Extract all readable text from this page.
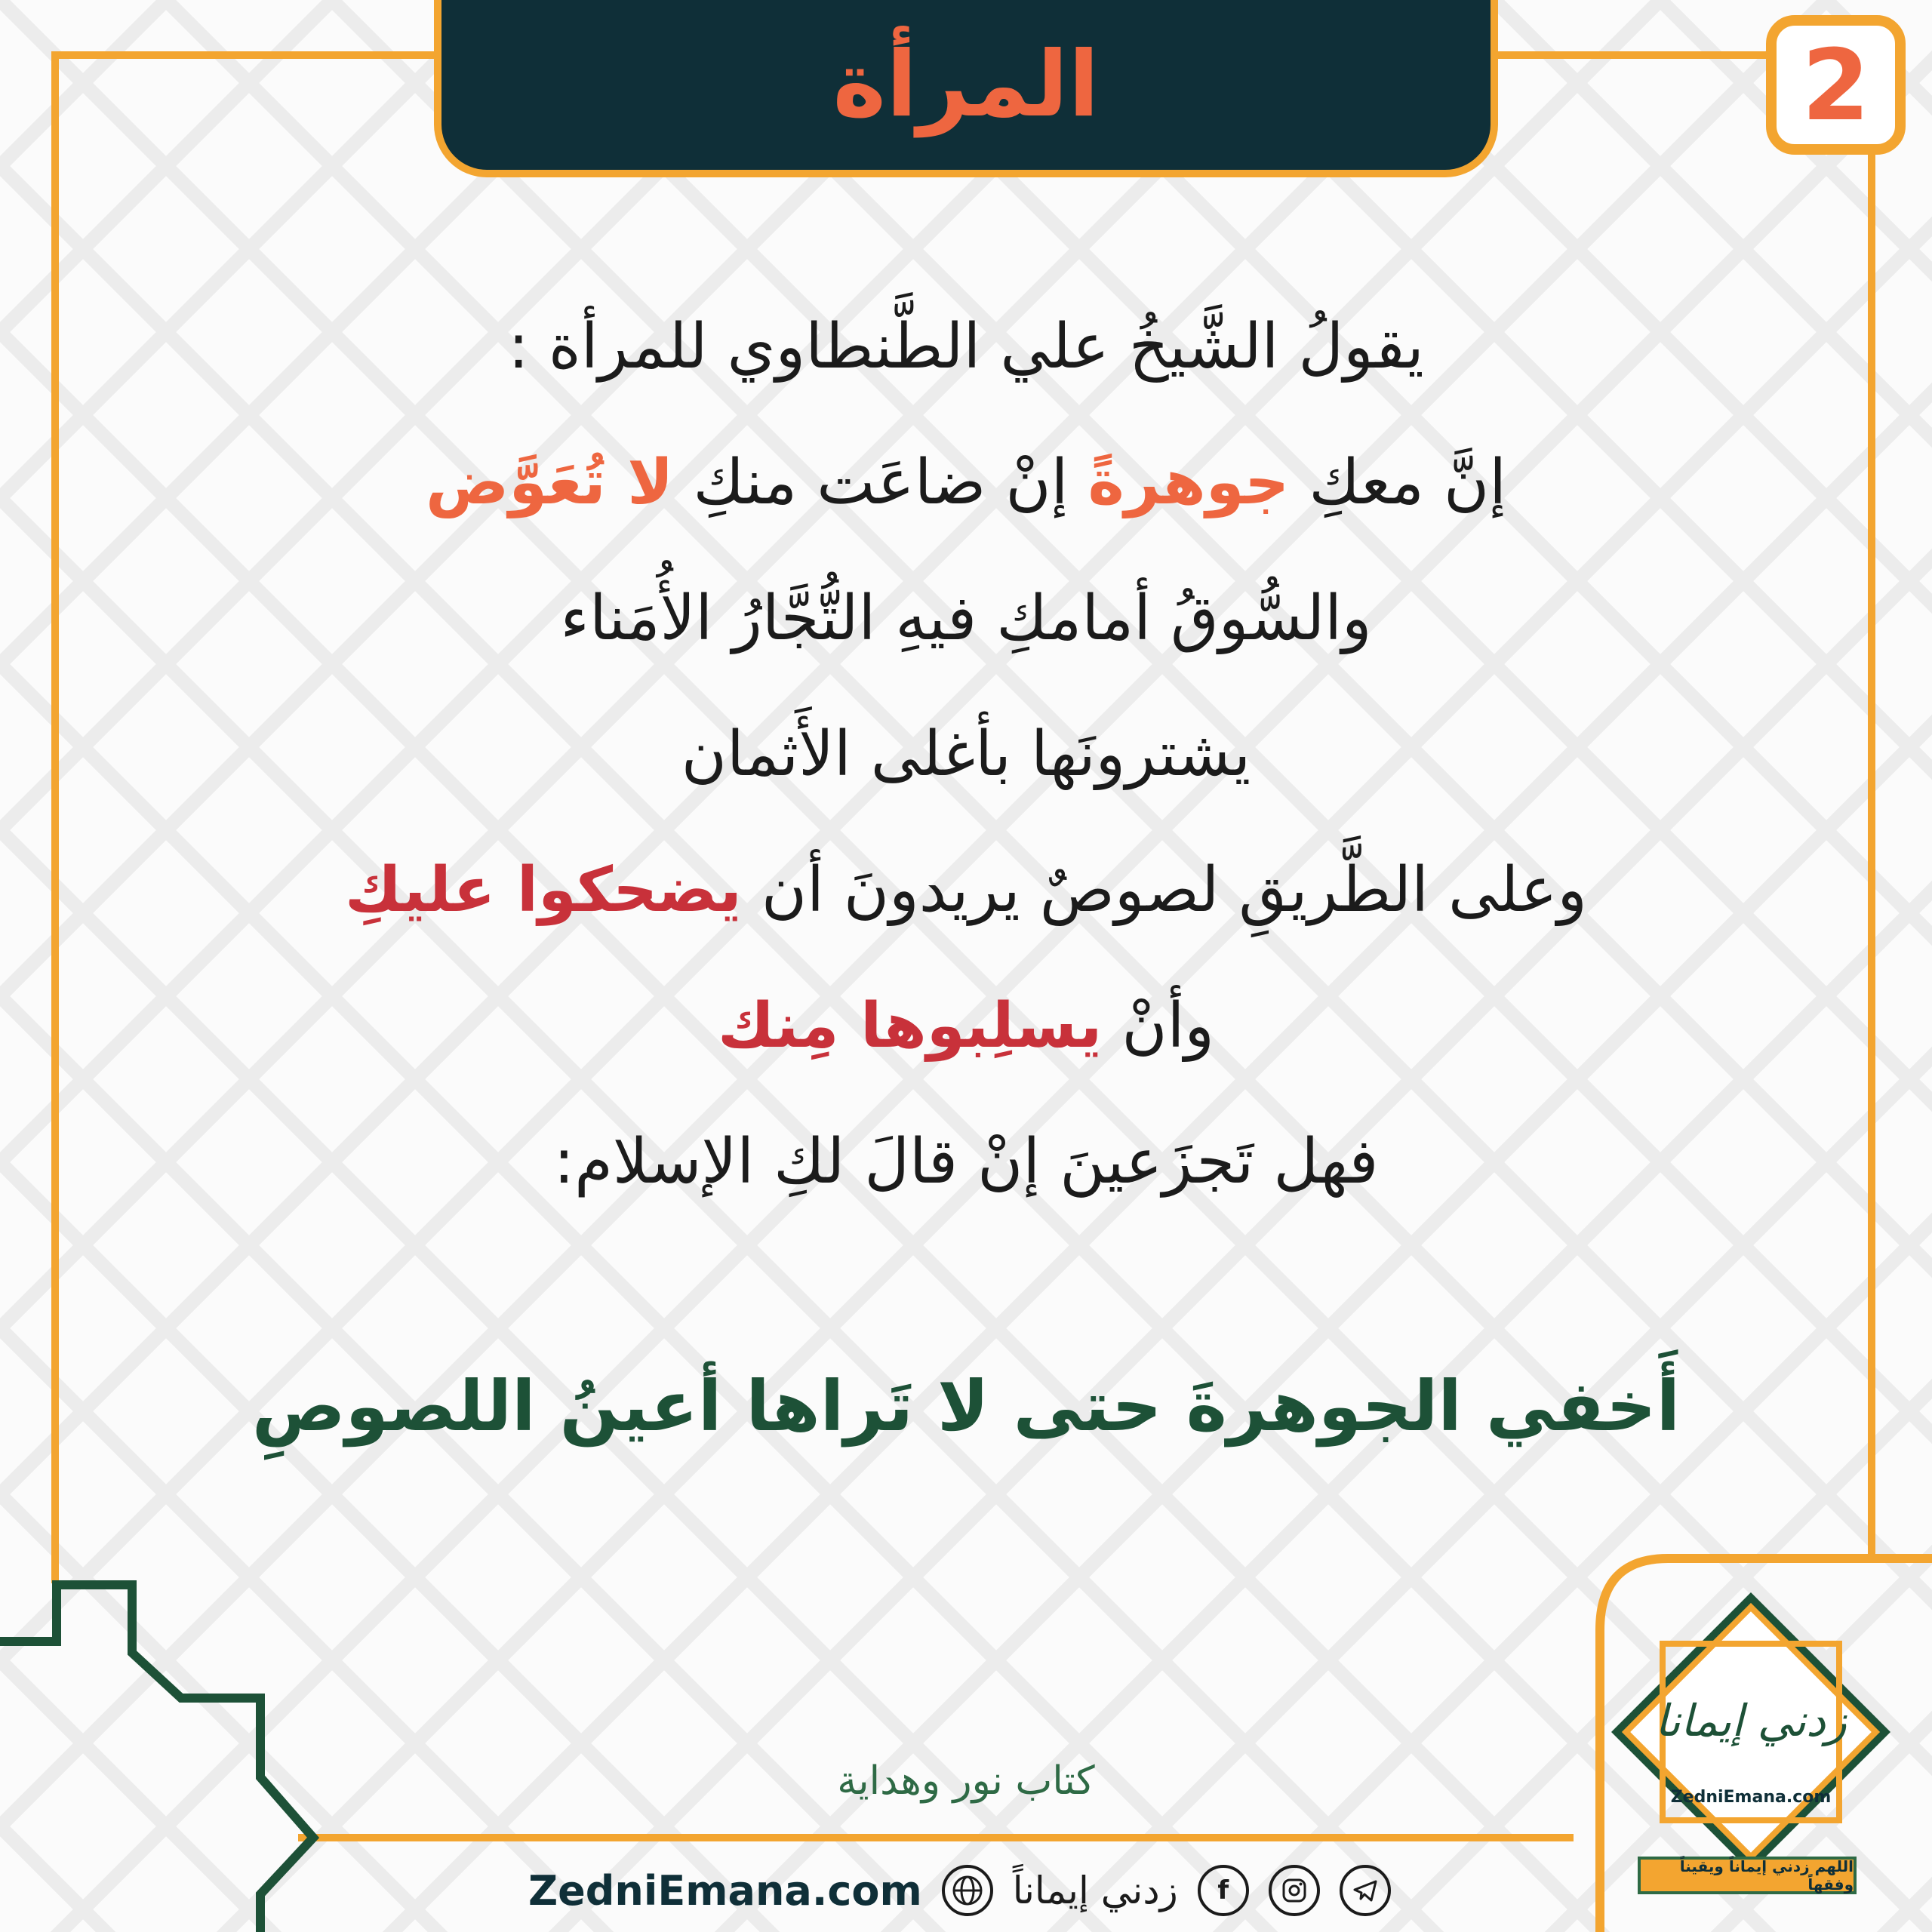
المرأة	2
يقولُ الشَّيخُ علي الطَّنطاوي للمرأة :
إنَّ معكِ جوهرةً إنْ ضاعَت منكِ لا تُعَوَّض
والسُّوقُ أمامكِ فيهِ التُّجَّارُ الأُمَناء
يشترونَها بأغلى الأَثمان
وعلى الطَّريقِ لصوصٌ يريدونَ أن يضحكوا عليكِ
وأنْ يسلِبوها مِنك
فهل تَجزَعينَ إنْ قالَ لكِ الإسلام:
أَخفي الجوهرةَ حتى لا تَراها أعينُ اللصوصِ
كتاب نور وهداية
ZedniEmana.com زدني إيماناً	f
زدني إيمانا
ZedniEmana.com
اللهم زدني إيماناً ويقيناً وفقهاً
